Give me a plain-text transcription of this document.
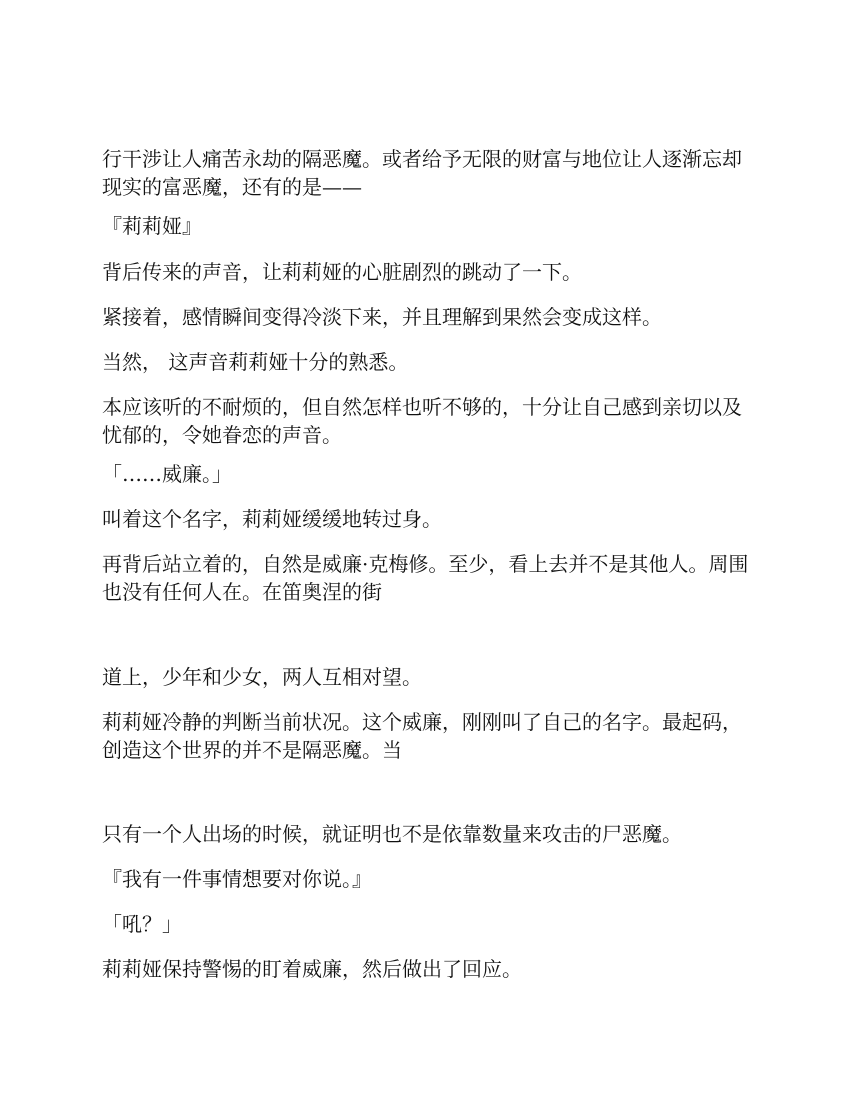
行干涉让人痛苦永劫的隔恶魔。或者给予无限的财富与地位让人逐渐忘却现实的富恶魔，还有的是——

『莉莉娅』

背后传来的声音，让莉莉娅的心脏剧烈的跳动了一下。

紧接着，感情瞬间变得冷淡下来，并且理解到果然会变成这样。

当然， 这声音莉莉娅十分的熟悉。

本应该听的不耐烦的，但自然怎样也听不够的，十分让自己感到亲切以及忧郁的，令她眷恋的声音。

「……威廉。」

叫着这个名字，莉莉娅缓缓地转过身。

再背后站立着的，自然是威廉·克梅修。至少，看上去并不是其他人。周围也没有任何人在。在笛奥涅的街

道上，少年和少女，两人互相对望。

莉莉娅冷静的判断当前状况。这个威廉，刚刚叫了自己的名字。最起码，创造这个世界的并不是隔恶魔。当

只有一个人出场的时候，就证明也不是依靠数量来攻击的尸恶魔。

『我有一件事情想要对你说。』

「吼？」

莉莉娅保持警惕的盯着威廉，然后做出了回应。
